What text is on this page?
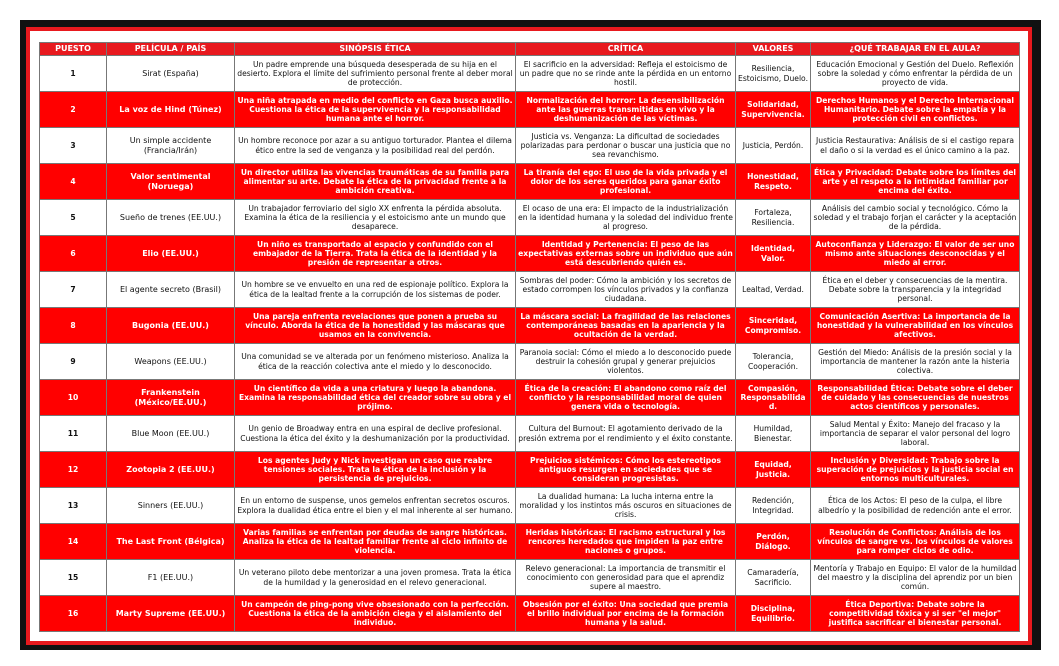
PUESTO	PELÍCULA / PAÍS	SINÓPSIS ÉTICA	CRÍTICA	VALORES	¿QUÉ TRABAJAR EN EL AULA?
1	Sirat (España)	Un padre emprende una búsqueda desesperada de su hija en el desierto. Explora el límite del sufrimiento personal frente al deber moral de protección.	El sacrificio en la adversidad: Refleja el estoicismo de un padre que no se rinde ante la pérdida en un entorno hostil.	Resiliencia, Estoicismo, Duelo.	Educación Emocional y Gestión del Duelo. Reflexión sobre la soledad y cómo enfrentar la pérdida de un proyecto de vida.
2	La voz de Hind (Túnez)	Una niña atrapada en medio del conflicto en Gaza busca auxilio. Cuestiona la ética de la supervivencia y la responsabilidad humana ante el horror.	Normalización del horror: La desensibilización ante las guerras transmitidas en vivo y la deshumanización de las víctimas.	Solidaridad, Supervivencia.	Derechos Humanos y el Derecho Internacional Humanitario. Debate sobre la empatía y la protección civil en conflictos.
3	Un simple accidente (Francia/Irán)	Un hombre reconoce por azar a su antiguo torturador. Plantea el dilema ético entre la sed de venganza y la posibilidad real del perdón.	Justicia vs. Venganza: La dificultad de sociedades polarizadas para perdonar o buscar una justicia que no sea revanchismo.	Justicia, Perdón.	Justicia Restaurativa: Análisis de si el castigo repara el daño o si la verdad es el único camino a la paz.
4	Valor sentimental (Noruega)	Un director utiliza las vivencias traumáticas de su familia para alimentar su arte. Debate la ética de la privacidad frente a la ambición creativa.	La tiranía del ego: El uso de la vida privada y el dolor de los seres queridos para ganar éxito profesional.	Honestidad, Respeto.	Ética y Privacidad: Debate sobre los límites del arte y el respeto a la intimidad familiar por encima del éxito.
5	Sueño de trenes (EE.UU.)	Un trabajador ferroviario del siglo XX enfrenta la pérdida absoluta. Examina la ética de la resiliencia y el estoicismo ante un mundo que desaparece.	El ocaso de una era: El impacto de la industrialización en la identidad humana y la soledad del individuo frente al progreso.	Fortaleza, Resiliencia.	Análisis del cambio social y tecnológico. Cómo la soledad y el trabajo forjan el carácter y la aceptación de la pérdida.
6	Elio (EE.UU.)	Un niño es transportado al espacio y confundido con el embajador de la Tierra. Trata la ética de la identidad y la presión de representar a otros.	Identidad y Pertenencia: El peso de las expectativas externas sobre un individuo que aún está descubriendo quién es.	Identidad, Valor.	Autoconfianza y Liderazgo: El valor de ser uno mismo ante situaciones desconocidas y el miedo al error.
7	El agente secreto (Brasil)	Un hombre se ve envuelto en una red de espionaje político. Explora la ética de la lealtad frente a la corrupción de los sistemas de poder.	Sombras del poder: Cómo la ambición y los secretos de estado corrompen los vínculos privados y la confianza ciudadana.	Lealtad, Verdad.	Ética en el deber y consecuencias de la mentira. Debate sobre la transparencia y la integridad personal.
8	Bugonia (EE.UU.)	Una pareja enfrenta revelaciones que ponen a prueba su vínculo. Aborda la ética de la honestidad y las máscaras que usamos en la convivencia.	La máscara social: La fragilidad de las relaciones contemporáneas basadas en la apariencia y la ocultación de la verdad.	Sinceridad, Compromiso.	Comunicación Asertiva: La importancia de la honestidad y la vulnerabilidad en los vínculos afectivos.
9	Weapons (EE.UU.)	Una comunidad se ve alterada por un fenómeno misterioso. Analiza la ética de la reacción colectiva ante el miedo y lo desconocido.	Paranoia social: Cómo el miedo a lo desconocido puede destruir la cohesión grupal y generar prejuicios violentos.	Tolerancia, Cooperación.	Gestión del Miedo: Análisis de la presión social y la importancia de mantener la razón ante la histeria colectiva.
10	Frankenstein (México/EE.UU.)	Un científico da vida a una criatura y luego la abandona. Examina la responsabilidad ética del creador sobre su obra y el prójimo.	Ética de la creación: El abandono como raíz del conflicto y la responsabilidad moral de quien genera vida o tecnología.	Compasión, Responsabilidad.	Responsabilidad Ética: Debate sobre el deber de cuidado y las consecuencias de nuestros actos científicos y personales.
11	Blue Moon (EE.UU.)	Un genio de Broadway entra en una espiral de declive profesional. Cuestiona la ética del éxito y la deshumanización por la productividad.	Cultura del Burnout: El agotamiento derivado de la presión extrema por el rendimiento y el éxito constante.	Humildad, Bienestar.	Salud Mental y Éxito: Manejo del fracaso y la importancia de separar el valor personal del logro laboral.
12	Zootopia 2 (EE.UU.)	Los agentes Judy y Nick investigan un caso que reabre tensiones sociales. Trata la ética de la inclusión y la persistencia de prejuicios.	Prejuicios sistémicos: Cómo los estereotipos antiguos resurgen en sociedades que se consideran progresistas.	Equidad, Justicia.	Inclusión y Diversidad: Trabajo sobre la superación de prejuicios y la justicia social en entornos multiculturales.
13	Sinners (EE.UU.)	En un entorno de suspense, unos gemelos enfrentan secretos oscuros. Explora la dualidad ética entre el bien y el mal inherente al ser humano.	La dualidad humana: La lucha interna entre la moralidad y los instintos más oscuros en situaciones de crisis.	Redención, Integridad.	Ética de los Actos: El peso de la culpa, el libre albedrío y la posibilidad de redención ante el error.
14	The Last Front (Bélgica)	Varias familias se enfrentan por deudas de sangre históricas. Analiza la ética de la lealtad familiar frente al ciclo infinito de violencia.	Heridas históricas: El racismo estructural y los rencores heredados que impiden la paz entre naciones o grupos.	Perdón, Diálogo.	Resolución de Conflictos: Análisis de los vínculos de sangre vs. los vínculos de valores para romper ciclos de odio.
15	F1 (EE.UU.)	Un veterano piloto debe mentorizar a una joven promesa. Trata la ética de la humildad y la generosidad en el relevo generacional.	Relevo generacional: La importancia de transmitir el conocimiento con generosidad para que el aprendiz supere al maestro.	Camaradería, Sacrificio.	Mentoría y Trabajo en Equipo: El valor de la humildad del maestro y la disciplina del aprendiz por un bien común.
16	Marty Supreme (EE.UU.)	Un campeón de ping-pong vive obsesionado con la perfección. Cuestiona la ética de la ambición ciega y el aislamiento del individuo.	Obsesión por el éxito: Una sociedad que premia el brillo individual por encima de la formación humana y la salud.	Disciplina, Equilibrio.	Ética Deportiva: Debate sobre la competitividad tóxica y si ser "el mejor" justifica sacrificar el bienestar personal.
